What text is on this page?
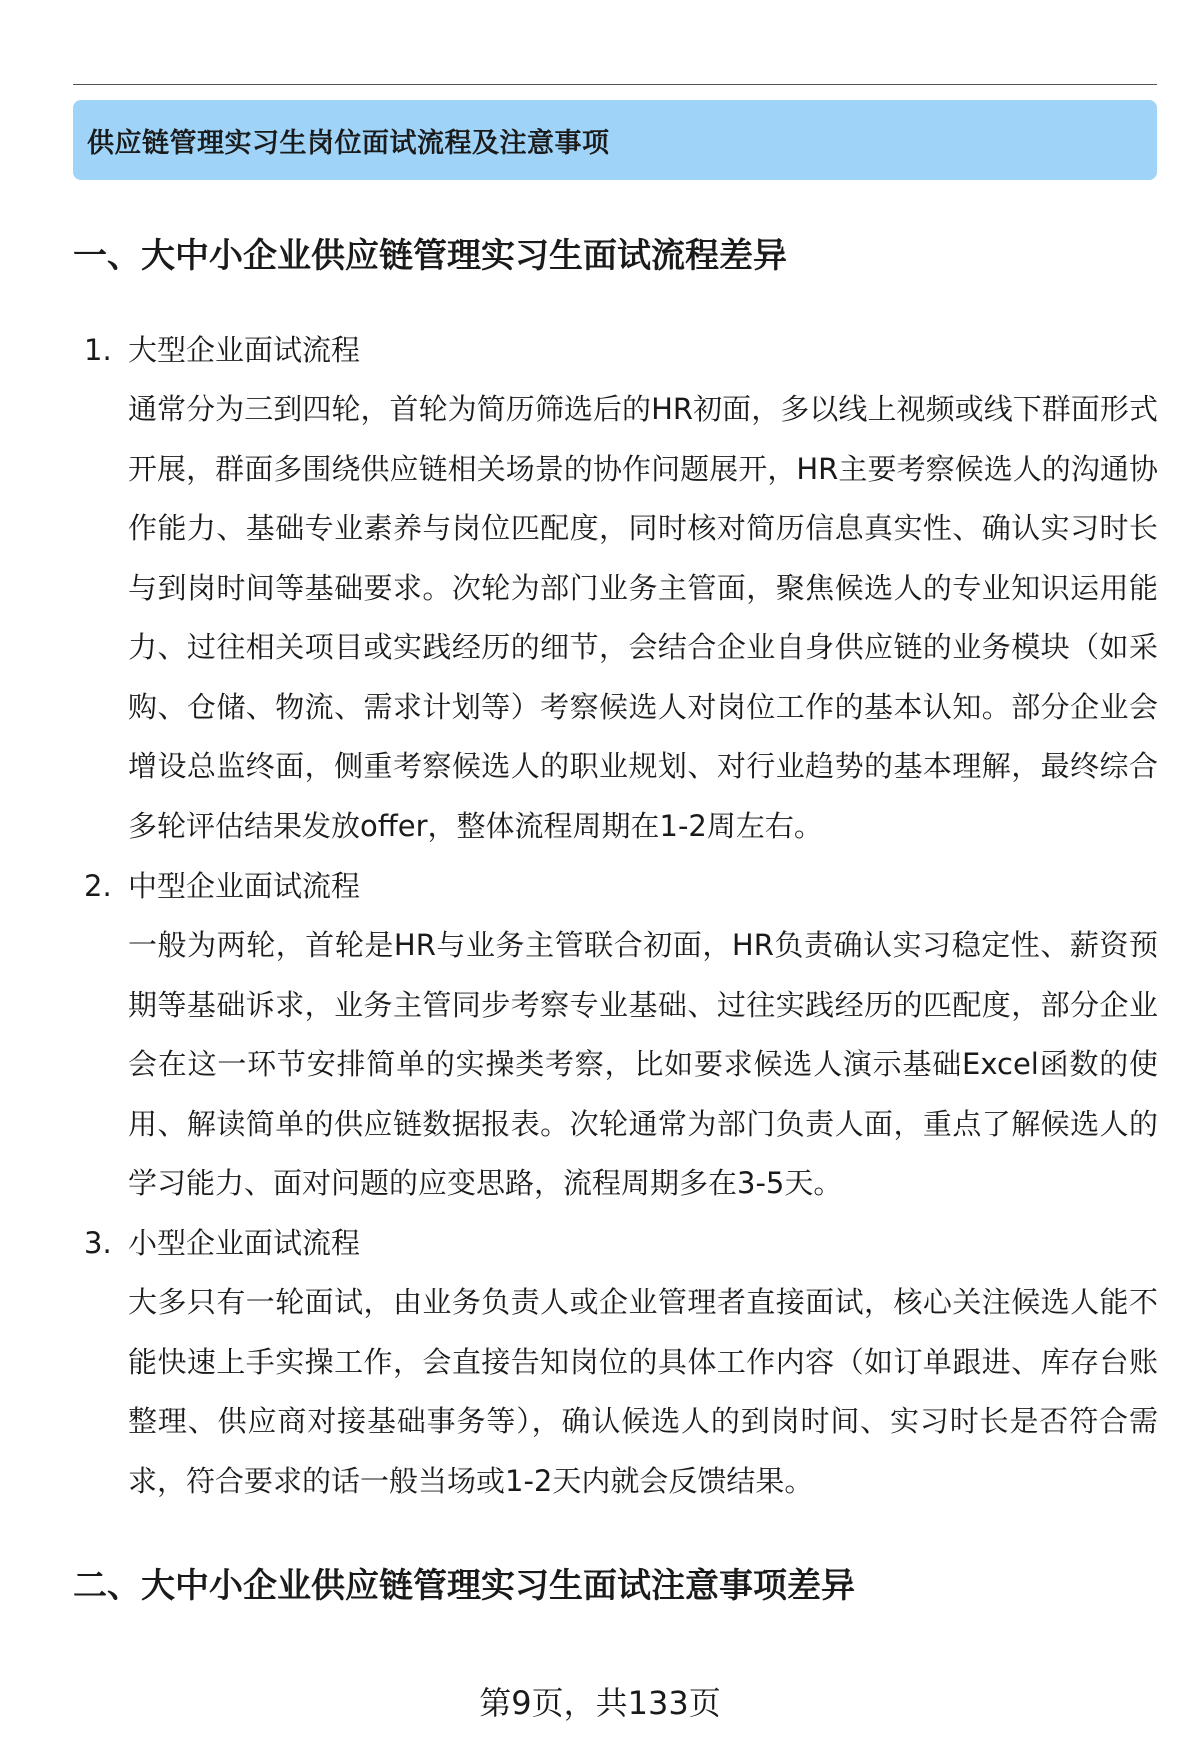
供应链管理实习生岗位面试流程及注意事项
一、大中小企业供应链管理实习生面试流程差异
1. 大型企业面试流程
通常分为三到四轮，首轮为简历筛选后的HR初面，多以线上视频或线下群面形式开展，群面多围绕供应链相关场景的协作问题展开，HR主要考察候选人的沟通协作能力、基础专业素养与岗位匹配度，同时核对简历信息真实性、确认实习时长与到岗时间等基础要求。次轮为部门业务主管面，聚焦候选人的专业知识运用能力、过往相关项目或实践经历的细节，会结合企业自身供应链的业务模块（如采购、仓储、物流、需求计划等）考察候选人对岗位工作的基本认知。部分企业会增设总监终面，侧重考察候选人的职业规划、对行业趋势的基本理解，最终综合多轮评估结果发放offer，整体流程周期在1-2周左右。
2. 中型企业面试流程
一般为两轮，首轮是HR与业务主管联合初面，HR负责确认实习稳定性、薪资预期等基础诉求，业务主管同步考察专业基础、过往实践经历的匹配度，部分企业会在这一环节安排简单的实操类考察，比如要求候选人演示基础Excel函数的使用、解读简单的供应链数据报表。次轮通常为部门负责人面，重点了解候选人的学习能力、面对问题的应变思路，流程周期多在3-5天。
3. 小型企业面试流程
大多只有一轮面试，由业务负责人或企业管理者直接面试，核心关注候选人能不能快速上手实操工作，会直接告知岗位的具体工作内容（如订单跟进、库存台账整理、供应商对接基础事务等），确认候选人的到岗时间、实习时长是否符合需求，符合要求的话一般当场或1-2天内就会反馈结果。
二、大中小企业供应链管理实习生面试注意事项差异
第9页，共133页
